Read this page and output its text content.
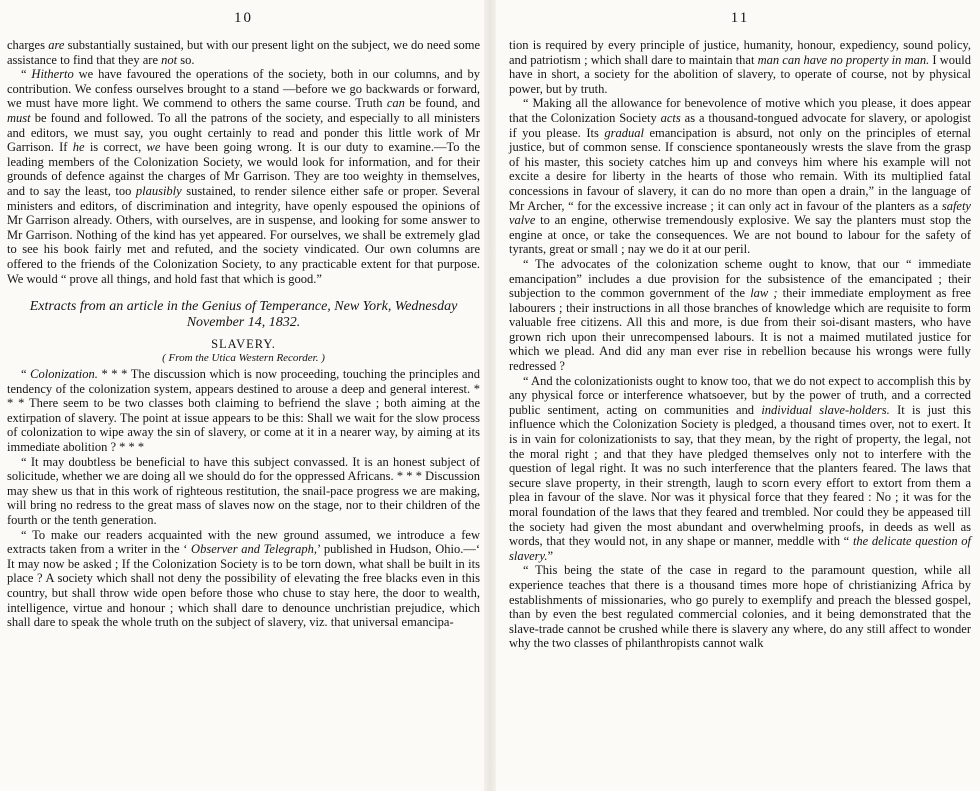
10

charges are substantially sustained, but with our present light on the subject, we do need some assistance to find that they are not so.

“ Hitherto we have favoured the operations of the society, both in our columns, and by contribution. We confess ourselves brought to a stand —before we go backwards or forward, we must have more light. We commend to others the same course. Truth can be found, and must be found and followed. To all the patrons of the society, and especially to all ministers and editors, we must say, you ought certainly to read and ponder this little work of Mr Garrison. If he is correct, we have been going wrong. It is our duty to examine.—To the leading members of the Colonization Society, we would look for information, and for their grounds of defence against the charges of Mr Garrison. They are too weighty in themselves, and to say the least, too plausibly sustained, to render silence either safe or proper. Several ministers and editors, of discrimination and integrity, have openly espoused the opinions of Mr Garrison already. Others, with ourselves, are in suspense, and looking for some answer to Mr Garrison. Nothing of the kind has yet appeared. For ourselves, we shall be extremely glad to see his book fairly met and refuted, and the society vindicated. Our own columns are offered to the friends of the Colonization Society, to any practicable extent for that purpose. We would “ prove all things, and hold fast that which is good.”

Extracts from an article in the Genius of Temperance, New York, Wednesday November 14, 1832.
SLAVERY.
( From the Utica Western Recorder. )

“ Colonization. * * * The discussion which is now proceeding, touching the principles and tendency of the colonization system, appears destined to arouse a deep and general interest. * * * There seem to be two classes both claiming to befriend the slave ; both aiming at the extirpation of slavery. The point at issue appears to be this: Shall we wait for the slow process of colonization to wipe away the sin of slavery, or come at it in a nearer way, by aiming at its immediate abolition ? * * *

“ It may doubtless be beneficial to have this subject convassed. It is an honest subject of solicitude, whether we are doing all we should do for the oppressed Africans. * * * Discussion may shew us that in this work of righteous restitution, the snail-pace progress we are making, will bring no redress to the great mass of slaves now on the stage, nor to their children of the fourth or the tenth generation.

“ To make our readers acquainted with the new ground assumed, we introduce a few extracts taken from a writer in the ‘ Observer and Telegraph,’ published in Hudson, Ohio.—‘ It may now be asked ; If the Colonization Society is to be torn down, what shall be built in its place ? A society which shall not deny the possibility of elevating the free blacks even in this country, but shall throw wide open before those who chuse to stay here, the door to wealth, intelligence, virtue and honour ; which shall dare to denounce unchristian prejudice, which shall dare to speak the whole truth on the subject of slavery, viz. that universal emancipa-

11

tion is required by every principle of justice, humanity, honour, expediency, sound policy, and patriotism ; which shall dare to maintain that man can have no property in man. I would have in short, a society for the abolition of slavery, to operate of course, not by physical power, but by truth.

“ Making all the allowance for benevolence of motive which you please, it does appear that the Colonization Society acts as a thousand-tongued advocate for slavery, or apologist if you please. Its gradual emancipation is absurd, not only on the principles of eternal justice, but of common sense. If conscience spontaneously wrests the slave from the grasp of his master, this society catches him up and conveys him where his example will not excite a desire for liberty in the hearts of those who remain. With its multiplied fatal concessions in favour of slavery, it can do no more than open a drain,” in the language of Mr Archer, “ for the excessive increase ; it can only act in favour of the planters as a safety valve to an engine, otherwise tremendously explosive. We say the planters must stop the engine at once, or take the consequences. We are not bound to labour for the safety of tyrants, great or small ; nay we do it at our peril.

“ The advocates of the colonization scheme ought to know, that our “ immediate emancipation” includes a due provision for the subsistence of the emancipated ; their subjection to the common government of the law ; their immediate employment as free labourers ; their instructions in all those branches of knowledge which are requisite to form valuable free citizens. All this and more, is due from their soi-disant masters, who have grown rich upon their unrecompensed labours. It is not a maimed mutilated justice for which we plead. And did any man ever rise in rebellion because his wrongs were fully redressed ?

“ And the colonizationists ought to know too, that we do not expect to accomplish this by any physical force or interference whatsoever, but by the power of truth, and a corrected public sentiment, acting on communities and individual slave-holders. It is just this influence which the Colonization Society is pledged, a thousand times over, not to exert. It is in vain for colonizationists to say, that they mean, by the right of property, the legal, not the moral right ; and that they have pledged themselves only not to interfere with the question of legal right. It was no such interference that the planters feared. The laws that secure slave property, in their strength, laugh to scorn every effort to extort from them a plea in favour of the slave. Nor was it physical force that they feared : No ; it was for the moral foundation of the laws that they feared and trembled. Nor could they be appeased till the society had given the most abundant and overwhelming proofs, in deeds as well as words, that they would not, in any shape or manner, meddle with “ the delicate question of slavery.”

“ This being the state of the case in regard to the paramount question, while all experience teaches that there is a thousand times more hope of christianizing Africa by establishments of missionaries, who go purely to exemplify and preach the blessed gospel, than by even the best regulated commercial colonies, and it being demonstrated that the slave-trade cannot be crushed while there is slavery any where, do any still affect to wonder why the two classes of philanthropists cannot walk
